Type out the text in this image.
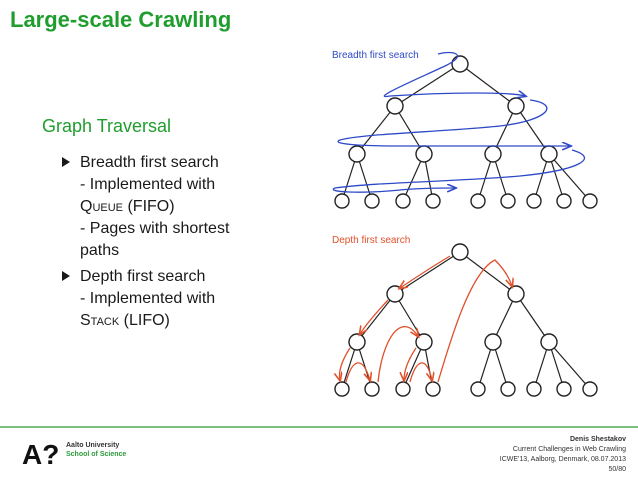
Large-scale Crawling
Graph Traversal
Breadth first search
- Implemented with
Queue (FIFO)
- Pages with shortest
paths
Depth first search
- Implemented with
Stack (LIFO)
Breadth first search
Depth first search
A? Aalto University
School of Science
Denis Shestakov
Current Challenges in Web Crawling
ICWE'13, Aalborg, Denmark, 08.07.2013
50/80
